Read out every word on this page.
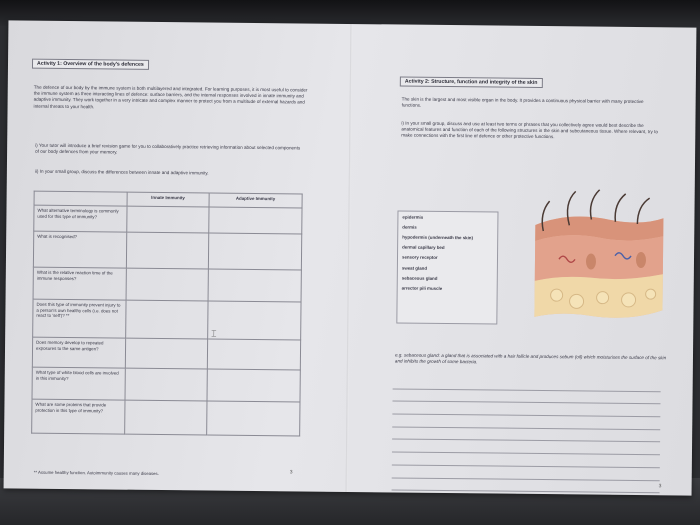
Activity 1: Overview of the body's defences
The defence of our body by the immune system is both multilayered and integrated. For learning purposes, it is most useful to consider the immune system as three interacting lines of defence: surface barriers, and the internal responses involved in innate immunity and adaptive immunity. They work together in a very intricate and complex manner to protect you from a multitude of external hazards and internal threats to your health.
i) Your tutor will introduce a brief revision game for you to collaboratively practice retrieving information about selected components of our body defences from your memory.
ii) In your small group, discuss the differences between innate and adaptive immunity.
	Innate Immunity	Adaptive Immunity
What alternative terminology is commonly used for this type of immunity?		
What is recognised?		
What is the relative reaction time of the immune responses?		
Does this type of immunity prevent injury to a person's own healthy cells (i.e. does not react to 'self')? **		
Does memory develop to repeated exposures to the same antigen?		
What type of white blood cells are involved in this immunity?		
What are some proteins that provide protection in this type of immunity?		
⌶
** Assume healthy function. Autoimmunity causes many diseases.	3
Activity 2: Structure, function and integrity of the skin
The skin is the largest and most visible organ in the body. It provides a continuous physical barrier with many protective functions.
i) In your small group, discuss and use at least two terms or phrases that you collectively agree would best describe the anatomical features and function of each of the following structures in the skin and subcutaneous tissue. Where relevant, try to make connections with the first line of defence or other protective functions.
epidermis
dermis
hypodermis (underneath the skin)
dermal capillary bed
sensory receptor
sweat gland
sebaceous gland
arrector pili muscle
e.g. sebaceous gland: a gland that is associated with a hair follicle and produces sebum (oil) which moisturises the surface of the skin and inhibits the growth of some bacteria.
3
